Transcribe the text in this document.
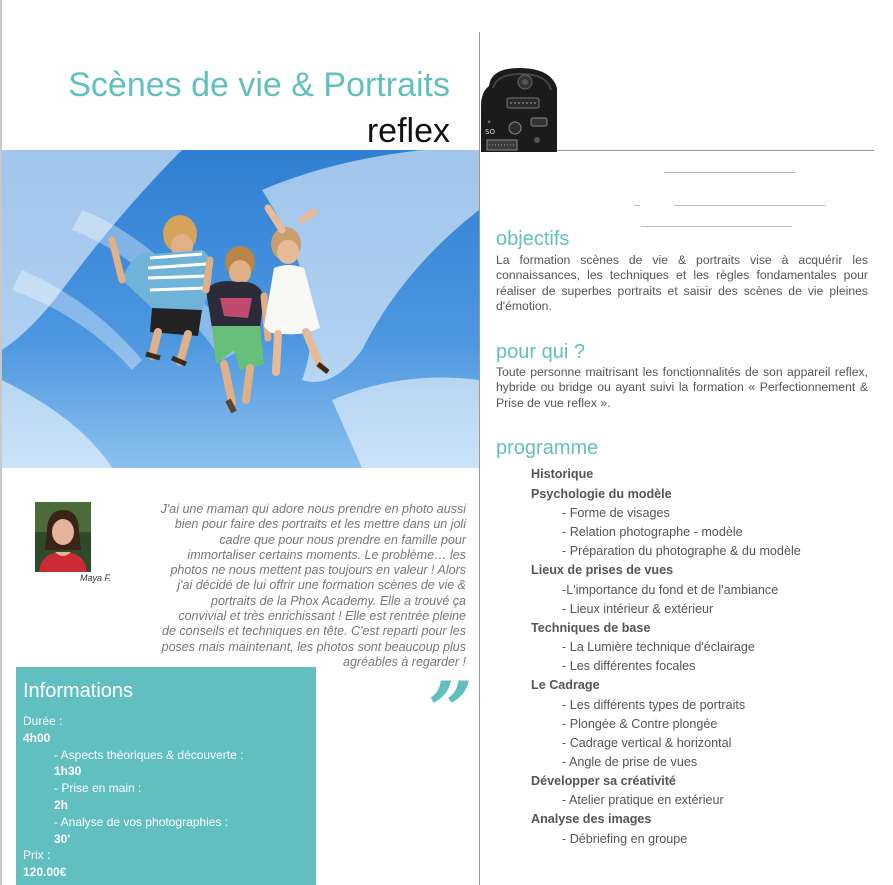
Scènes de vie & Portraits
reflex	SO
⚡
Maya F.
J'ai une maman qui adore nous prendre en photo aussi
bien pour faire des portraits et les mettre dans un joli
cadre que pour nous prendre en famille pour
immortaliser certains moments. Le problème… les
photos ne nous mettent pas toujours en valeur ! Alors
j'ai décidé de lui offrir une formation scènes de vie &
portraits de la Phox Academy. Elle a trouvé ça
convivial et très enrichissant ! Elle est rentrée pleine
de conseils et techniques en tête. C'est reparti pour les
poses mais maintenant, les photos sont beaucoup plus
agréables à regarder !
”
Informations
Durée :
4h00
- Aspects théoriques & découverte :
1h30
- Prise en main :
2h
- Analyse de vos photographies :
30'
Prix :
120.00€
objectifs
La formation scènes de vie & portraits vise à acquérir les connaissances, les techniques et les règles fondamentales pour réaliser de superbes portraits et saisir des scènes de vie pleines d'émotion.
pour qui ?
Toute personne maitrisant les fonctionnalités de son appareil reflex, hybride ou bridge ou ayant suivi la formation « Perfectionnement & Prise de vue reflex ».
programme
Historique
Psychologie du modèle
- Forme de visages
- Relation photographe - modèle
- Préparation du photographe & du modèle
Lieux de prises de vues
-L'importance du fond et de l'ambiance
- Lieux intérieur & extérieur
Techniques de base
- La Lumière technique d'éclairage
- Les différentes focales
Le Cadrage
- Les différents types de portraits
- Plongée & Contre plongée
- Cadrage vertical & horizontal
- Angle de prise de vues
Développer sa créativité
- Atelier pratique en extérieur
Analyse des images
- Débriefing en groupe
